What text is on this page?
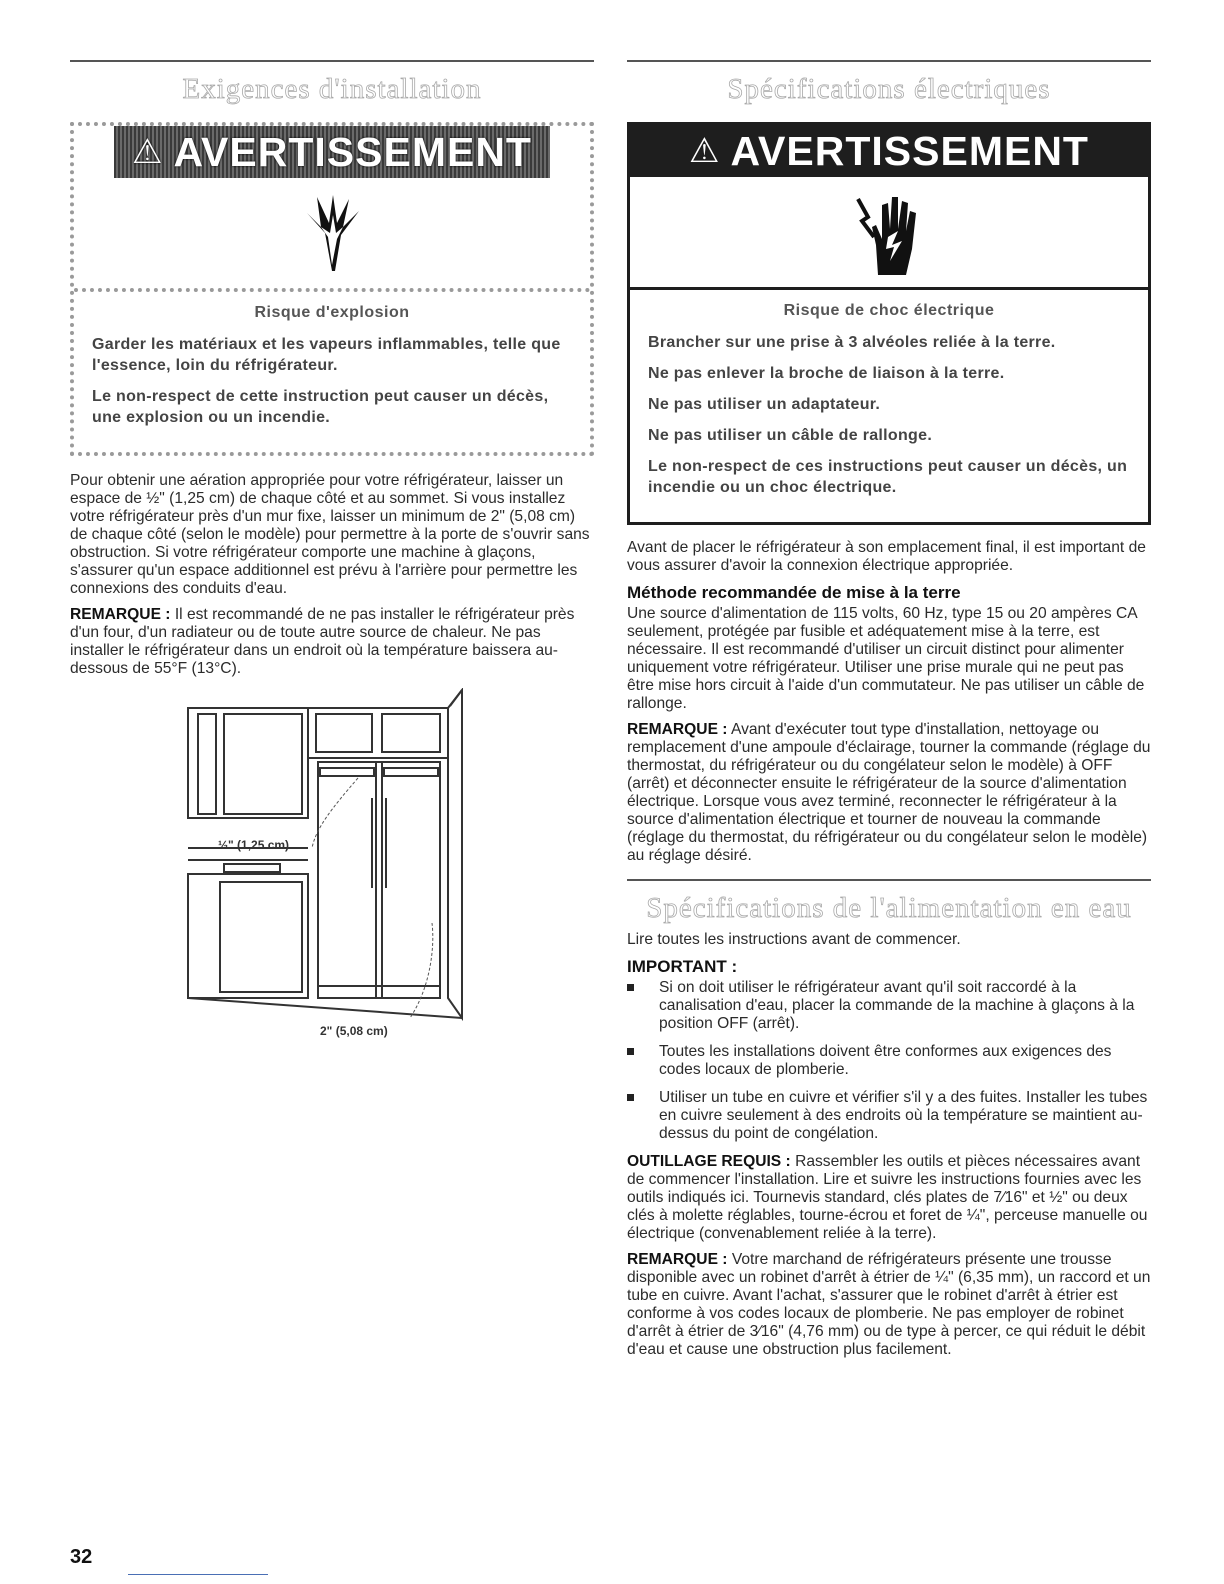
Exigences d'installation
⚠ AVERTISSEMENT
Risque d'explosion
Garder les matériaux et les vapeurs inflammables, telle que l'essence, loin du réfrigérateur.
Le non-respect de cette instruction peut causer un décès, une explosion ou un incendie.

Pour obtenir une aération appropriée pour votre réfrigérateur, laisser un espace de ½" (1,25 cm) de chaque côté et au sommet. Si vous installez votre réfrigérateur près d'un mur fixe, laisser un minimum de 2" (5,08 cm) de chaque côté (selon le modèle) pour permettre à la porte de s'ouvrir sans obstruction. Si votre réfrigérateur comporte une machine à glaçons, s'assurer qu'un espace additionnel est prévu à l'arrière pour permettre les connexions des conduits d'eau.

REMARQUE : Il est recommandé de ne pas installer le réfrigérateur près d'un four, d'un radiateur ou de toute autre source de chaleur. Ne pas installer le réfrigérateur dans un endroit où la température baissera au-dessous de 55°F (13°C).

½" (1,25 cm)
2" (5,08 cm)
Spécifications électriques
⚠ AVERTISSEMENT
Risque de choc électrique
Brancher sur une prise à 3 alvéoles reliée à la terre.
Ne pas enlever la broche de liaison à la terre.
Ne pas utiliser un adaptateur.
Ne pas utiliser un câble de rallonge.
Le non-respect de ces instructions peut causer un décès, un incendie ou un choc électrique.

Avant de placer le réfrigérateur à son emplacement final, il est important de vous assurer d'avoir la connexion électrique appropriée.

Méthode recommandée de mise à la terre

Une source d'alimentation de 115 volts, 60 Hz, type 15 ou 20 ampères CA seulement, protégée par fusible et adéquatement mise à la terre, est nécessaire. Il est recommandé d'utiliser un circuit distinct pour alimenter uniquement votre réfrigérateur. Utiliser une prise murale qui ne peut pas être mise hors circuit à l'aide d'un commutateur. Ne pas utiliser un câble de rallonge.

REMARQUE : Avant d'exécuter tout type d'installation, nettoyage ou remplacement d'une ampoule d'éclairage, tourner la commande (réglage du thermostat, du réfrigérateur ou du congélateur selon le modèle) à OFF (arrêt) et déconnecter ensuite le réfrigérateur de la source d'alimentation électrique. Lorsque vous avez terminé, reconnecter le réfrigérateur à la source d'alimentation électrique et tourner de nouveau la commande (réglage du thermostat, du réfrigérateur ou du congélateur selon le modèle) au réglage désiré.

Spécifications de l'alimentation en eau

Lire toutes les instructions avant de commencer.

IMPORTANT :
Si on doit utiliser le réfrigérateur avant qu'il soit raccordé à la canalisation d'eau, placer la commande de la machine à glaçons à la position OFF (arrêt).
Toutes les installations doivent être conformes aux exigences des codes locaux de plomberie.
Utiliser un tube en cuivre et vérifier s'il y a des fuites. Installer les tubes en cuivre seulement à des endroits où la température se maintient au-dessus du point de congélation.

OUTILLAGE REQUIS : Rassembler les outils et pièces nécessaires avant de commencer l'installation. Lire et suivre les instructions fournies avec les outils indiqués ici. Tournevis standard, clés plates de 7⁄16" et ½" ou deux clés à molette réglables, tourne-écrou et foret de ¼", perceuse manuelle ou électrique (convenablement reliée à la terre).

REMARQUE : Votre marchand de réfrigérateurs présente une trousse disponible avec un robinet d'arrêt à étrier de ¼" (6,35 mm), un raccord et un tube en cuivre. Avant l'achat, s'assurer que le robinet d'arrêt à étrier est conforme à vos codes locaux de plomberie. Ne pas employer de robinet d'arrêt à étrier de 3⁄16" (4,76 mm) ou de type à percer, ce qui réduit le débit d'eau et cause une obstruction plus facilement.

32
